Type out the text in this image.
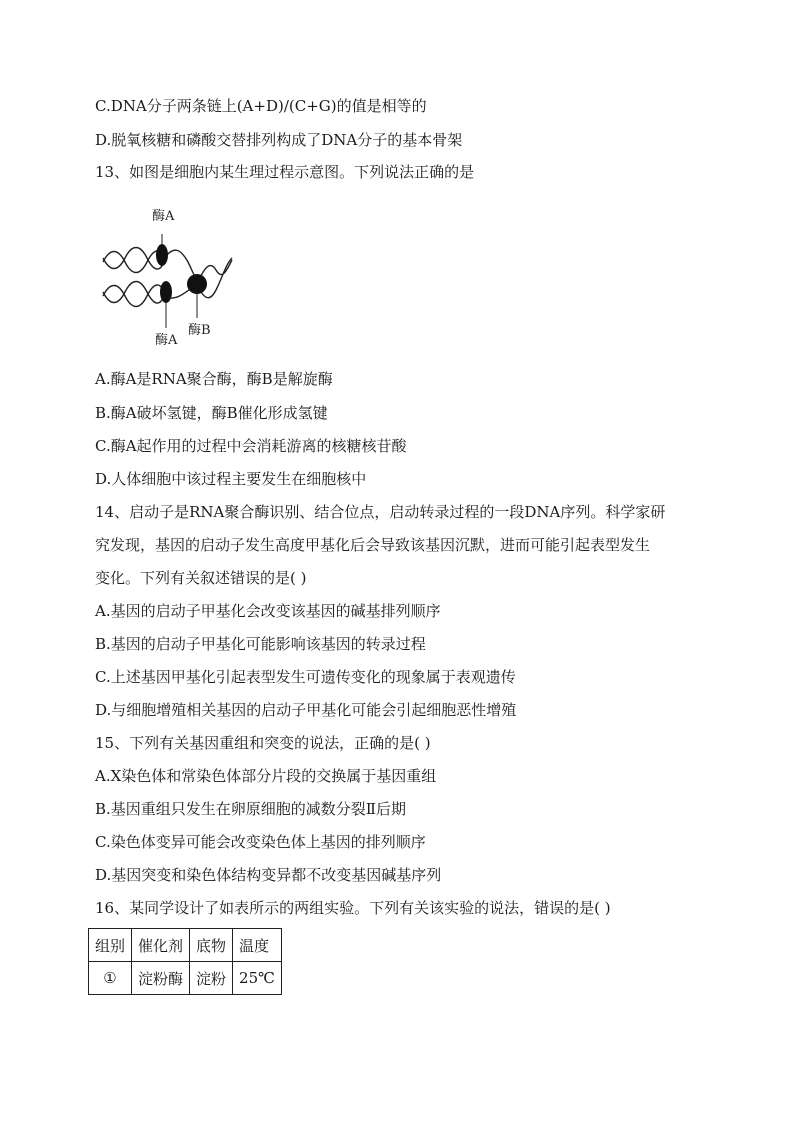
C.DNA分子两条链上(A+D)/(C+G)的值是相等的
D.脱氧核糖和磷酸交替排列构成了DNA分子的基本骨架
13、如图是细胞内某生理过程示意图。下列说法正确的是
酶A
酶A
酶B
A.酶A是RNA聚合酶，酶B是解旋酶
B.酶A破坏氢键，酶B催化形成氢键
C.酶A起作用的过程中会消耗游离的核糖核苷酸
D.人体细胞中该过程主要发生在细胞核中
14、启动子是RNA聚合酶识别、结合位点，启动转录过程的一段DNA序列。科学家研
究发现，基因的启动子发生高度甲基化后会导致该基因沉默，进而可能引起表型发生
变化。下列有关叙述错误的是( )
A.基因的启动子甲基化会改变该基因的碱基排列顺序
B.基因的启动子甲基化可能影响该基因的转录过程
C.上述基因甲基化引起表型发生可遗传变化的现象属于表观遗传
D.与细胞增殖相关基因的启动子甲基化可能会引起细胞恶性增殖
15、下列有关基因重组和突变的说法，正确的是( )
A.X染色体和常染色体部分片段的交换属于基因重组
B.基因重组只发生在卵原细胞的减数分裂Ⅱ后期
C.染色体变异可能会改变染色体上基因的排列顺序
D.基因突变和染色体结构变异都不改变基因碱基序列
16、某同学设计了如表所示的两组实验。下列有关该实验的说法，错误的是( )
组别	催化剂	底物	温度
①	淀粉酶	淀粉	25℃
